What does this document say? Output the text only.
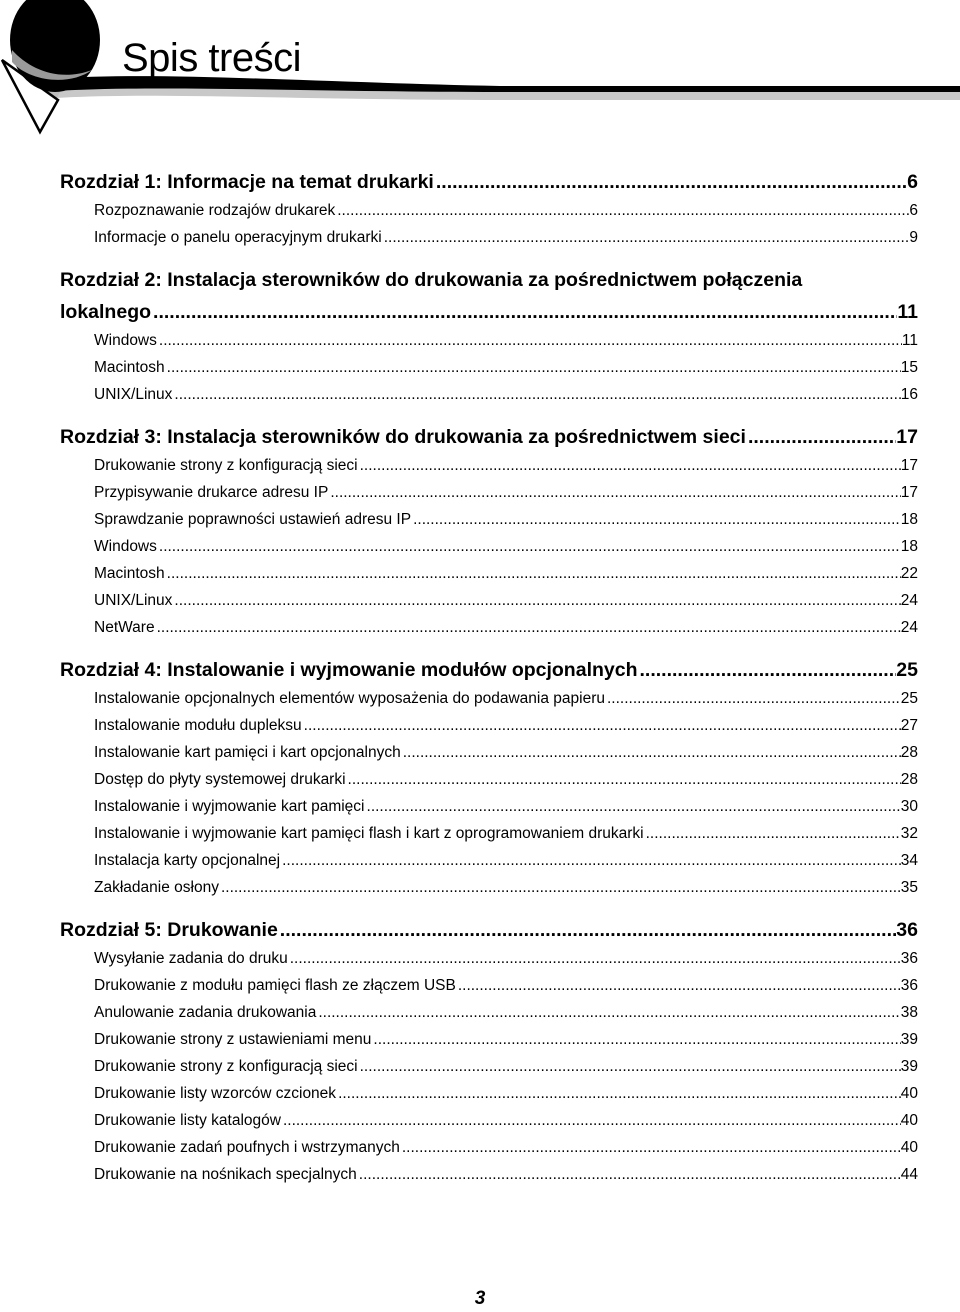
Spis treści
Rozdział 1: Informacje na temat drukarki .....	6
Rozpoznawanie rodzajów drukarek .....	6
Informacje o panelu operacyjnym drukarki .....	9
Rozdział 2: Instalacja sterowników do drukowania za pośrednictwem połączenia
lokalnego .....	11
Windows .....	11
Macintosh .....	15
UNIX/Linux .....	16
Rozdział 3: Instalacja sterowników do drukowania za pośrednictwem sieci .....	17
Drukowanie strony z konfiguracją sieci .....	17
Przypisywanie drukarce adresu IP .....	17
Sprawdzanie poprawności ustawień adresu IP .....	18
Windows .....	18
Macintosh .....	22
UNIX/Linux .....	24
NetWare .....	24
Rozdział 4: Instalowanie i wyjmowanie modułów opcjonalnych .....	25
Instalowanie opcjonalnych elementów wyposażenia do podawania papieru .....	25
Instalowanie modułu dupleksu .....	27
Instalowanie kart pamięci i kart opcjonalnych .....	28
Dostęp do płyty systemowej drukarki .....	28
Instalowanie i wyjmowanie kart pamięci .....	30
Instalowanie i wyjmowanie kart pamięci flash i kart z oprogramowaniem drukarki .....	32
Instalacja karty opcjonalnej .....	34
Zakładanie osłony .....	35
Rozdział 5: Drukowanie .....	36
Wysyłanie zadania do druku .....	36
Drukowanie z modułu pamięci flash ze złączem USB .....	36
Anulowanie zadania drukowania .....	38
Drukowanie strony z ustawieniami menu .....	39
Drukowanie strony z konfiguracją sieci .....	39
Drukowanie listy wzorców czcionek .....	40
Drukowanie listy katalogów .....	40
Drukowanie zadań poufnych i wstrzymanych .....	40
Drukowanie na nośnikach specjalnych .....	44

3
